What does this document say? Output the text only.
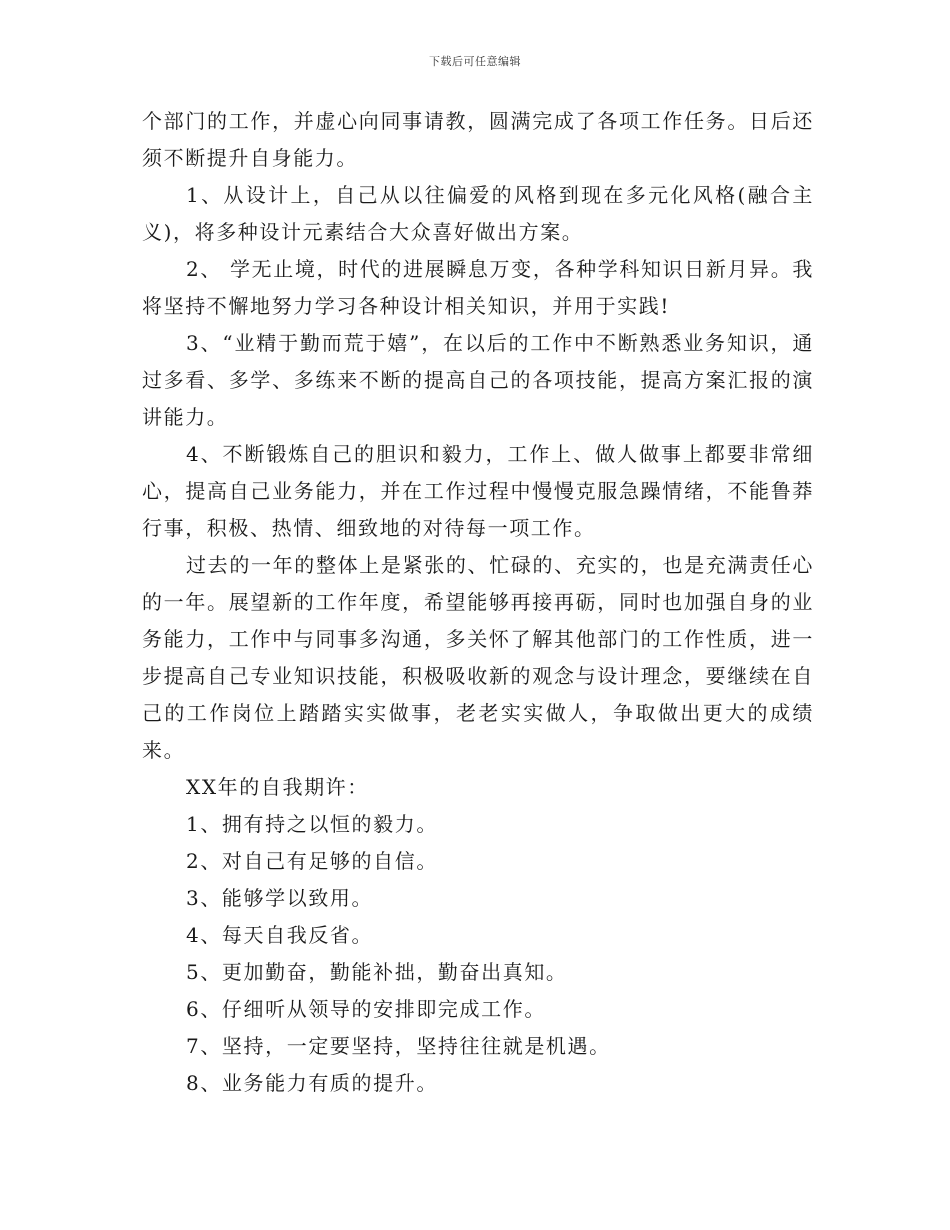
下载后可任意编辑

个部门的工作，并虚心向同事请教，圆满完成了各项工作任务。日后还须不断提升自身能力。

1、从设计上，自己从以往偏爱的风格到现在多元化风格(融合主义)，将多种设计元素结合大众喜好做出方案。

2、 学无止境，时代的进展瞬息万变，各种学科知识日新月异。我将坚持不懈地努力学习各种设计相关知识，并用于实践!

3、“业精于勤而荒于嬉”，在以后的工作中不断熟悉业务知识，通过多看、多学、多练来不断的提高自己的各项技能，提高方案汇报的演讲能力。

4、不断锻炼自己的胆识和毅力，工作上、做人做事上都要非常细心，提高自己业务能力，并在工作过程中慢慢克服急躁情绪，不能鲁莽行事，积极、热情、细致地的对待每一项工作。

过去的一年的整体上是紧张的、忙碌的、充实的，也是充满责任心的一年。展望新的工作年度，希望能够再接再砺，同时也加强自身的业务能力，工作中与同事多沟通，多关怀了解其他部门的工作性质，进一步提高自己专业知识技能，积极吸收新的观念与设计理念，要继续在自己的工作岗位上踏踏实实做事，老老实实做人，争取做出更大的成绩来。

XX年的自我期许：

1、拥有持之以恒的毅力。

2、对自己有足够的自信。

3、能够学以致用。

4、每天自我反省。

5、更加勤奋，勤能补拙，勤奋出真知。

6、仔细听从领导的安排即完成工作。

7、坚持，一定要坚持，坚持往往就是机遇。

8、业务能力有质的提升。
